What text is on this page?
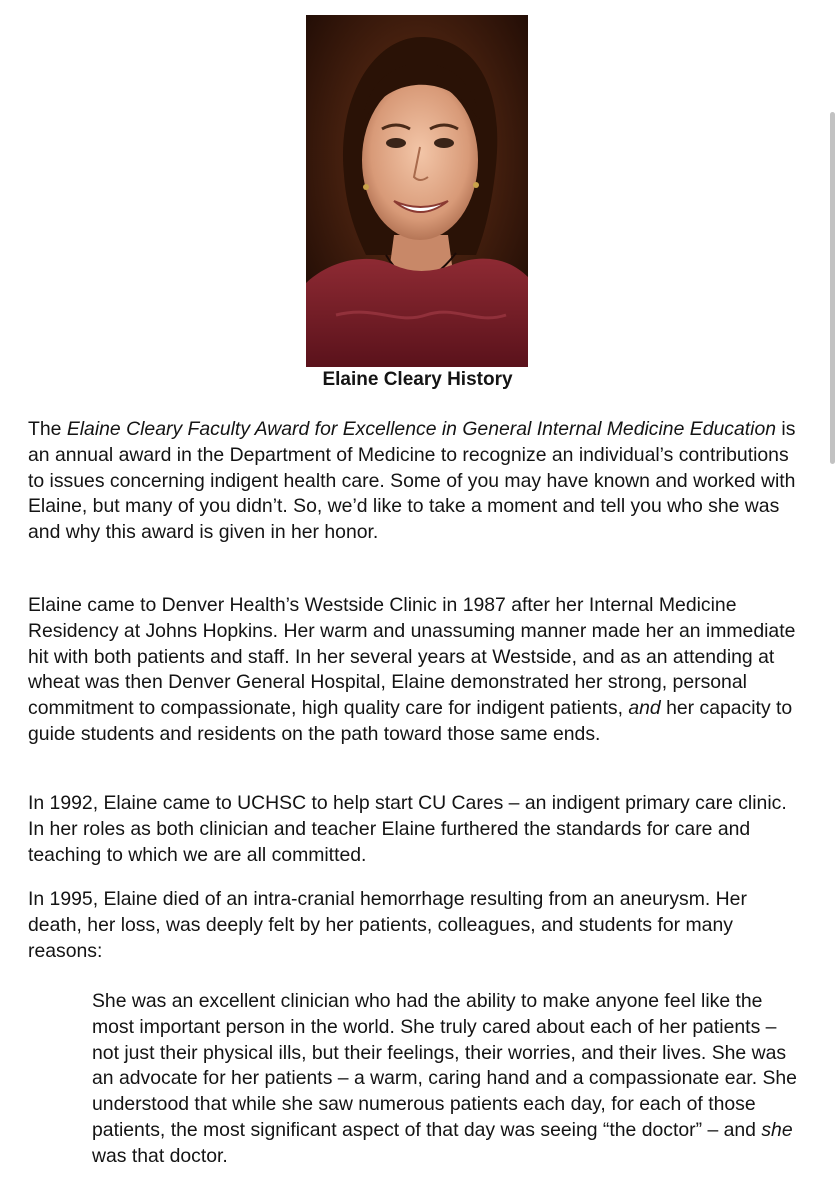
Elaine Cleary History

The Elaine Cleary Faculty Award for Excellence in General Internal Medicine Education is an annual award in the Department of Medicine to recognize an individual’s contributions to issues concerning indigent health care. Some of you may have known and worked with Elaine, but many of you didn’t. So, we’d like to take a moment and tell you who she was and why this award is given in her honor.

Elaine came to Denver Health’s Westside Clinic in 1987 after her Internal Medicine Residency at Johns Hopkins. Her warm and unassuming manner made her an immediate hit with both patients and staff. In her several years at Westside, and as an attending at wheat was then Denver General Hospital, Elaine demonstrated her strong, personal commitment to compassionate, high quality care for indigent patients, and her capacity to guide students and residents on the path toward those same ends.

In 1992, Elaine came to UCHSC to help start CU Cares – an indigent primary care clinic. In her roles as both clinician and teacher Elaine furthered the standards for care and teaching to which we are all committed.

In 1995, Elaine died of an intra-cranial hemorrhage resulting from an aneurysm. Her death, her loss, was deeply felt by her patients, colleagues, and students for many reasons:

She was an excellent clinician who had the ability to make anyone feel like the most important person in the world. She truly cared about each of her patients – not just their physical ills, but their feelings, their worries, and their lives. She was an advocate for her patients – a warm, caring hand and a compassionate ear. She understood that while she saw numerous patients each day, for each of those patients, the most significant aspect of that day was seeing “the doctor” – and she was that doctor.
